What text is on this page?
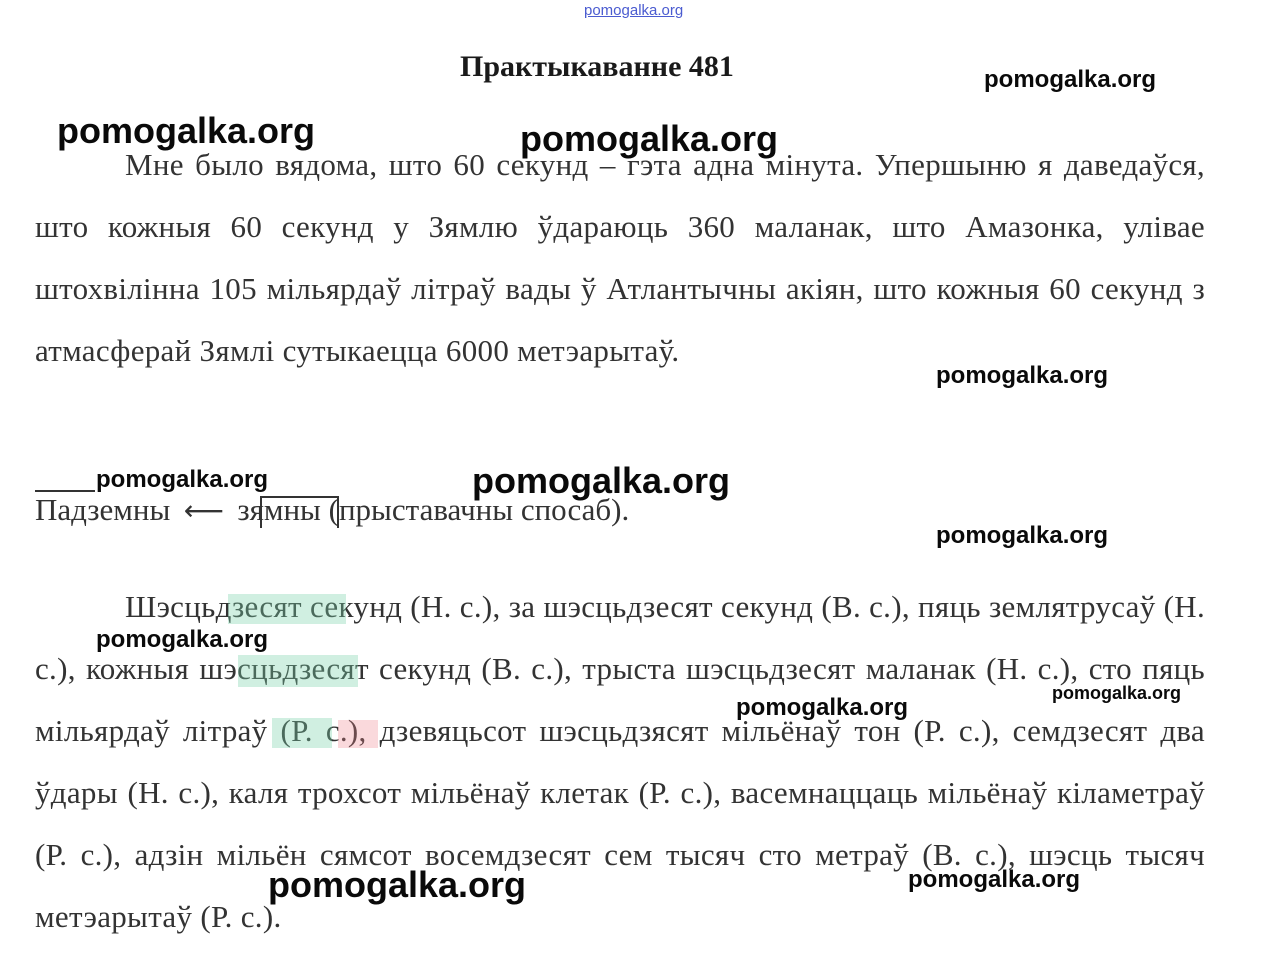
Практыкаванне 481

Мне было вядома, што 60 секунд – гэта адна мінута. Упершыню я даведаўся, што кожныя 60 секунд у Зямлю ўдараюць 360 маланак, што Амазонка, улівае штохвілінна 105 мільярдаў літраў вады ў Атлантычны акіян, што кожныя 60 секунд з атмасферай Зямлі сутыкаецца 6000 метэарытаў.

Падземны ⟵ зямны (прыставачны спосаб).

Шэсцьдзесят секунд (Н. с.), за шэсцьдзесят секунд (В. с.), пяць землятрусаў (Н. с.), кожныя шэсцьдзесят секунд (В. с.), трыста шэсцьдзесят маланак (Н. с.), сто пяць мільярдаў літраў (Р. с.), дзевяцьсот шэсцьдзясят мільёнаў тон (Р. с.), семдзесят два ўдары (Н. с.), каля трохсот мільёнаў клетак (Р. с.), васемнаццаць мільёнаў кіламетраў (Р. с.), адзін мільён сямсот восемдзесят сем тысяч сто метраў (В. с.), шэсць тысяч метэарытаў (Р. с.).

pomogalka.org
pomogalka.org
pomogalka.org	pomogalka.org
pomogalka.org
pomogalka.org	pomogalka.org
pomogalka.org
pomogalka.org
pomogalka.org
pomogalka.org
pomogalka.org	pomogalka.org
